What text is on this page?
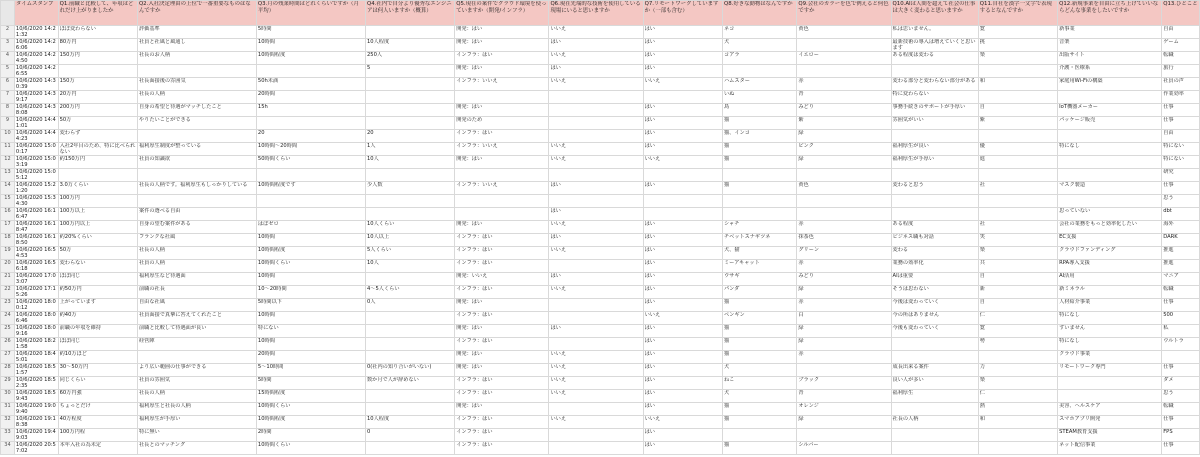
	タイムスタンプ	Q1.前職と比較して、年収はどれだけ上がりましたか	Q2.入社決定理由の上位で一番重要なものはなんですか	Q3.月の残業時間はどれくらいですか（月平均）	Q4.社内で自分より優秀なエンジニアは何人いますか（概算）	Q5.現在の案件でクラウド環境を使っていますか（開発/インフラ）	Q6.現在先端的な技術を使用している現場にいると思いますか	Q7.リモートワークしていますか（一部も含む）	Q8.好きな動物はなんですか	Q9.会社のカラーを色で例えると何色ですか	Q10.AIは人間を超えて社会の仕事は大きく変わると思いますか	Q11.自社を漢字一文字で表現するとなんですか	Q12.新規事業を自由に立ち上げていいならどんな事業をしたいですか	Q13.ひとこと
2	10/6/2020 14:21:32	ほぼ変わらない	評価基準	5時間		開発：はい	いいえ	はい	ネコ	黄色	私は思いません。	寛	新事業	自由
3	10/6/2020 14:26:06	80万円	社員と社風と風通し	10時間	10人程度	開発：はい	はい	はい	犬		最新技術の導入は増えていくと思います	挑	音楽	ゲーム
4	10/6/2020 14:24:50	150万円	社長のお人柄	10時間程度	250人	インフラ：はい	いいえ	はい	コアラ	イエロー	ある程度は変わる	楽	出版サイト	転職
5	10/6/2020 14:26:55				5	開発：はい	はい	はい					介護・医療系	旅行
6	10/6/2020 14:30:39	150万	社長面接後の雰囲気	50h未満		インフラ：いいえ	いいえ	いいえ	ハムスター	赤	変わる部分と変わらない部分がある	和	家庭用Wi-Fiの構築	社員の声
7	10/6/2020 14:39:17	20万円	社長の人柄	20時間					いぬ	青	特に変わらない			作業効率
8	10/6/2020 14:38:08	200万円	自身の希望と待遇がマッチしたこと	15h		開発：はい		はい	鳥	みどり	事務手続きのサポートが手厚い	自	IoT機器メーカー	仕事
9	10/6/2020 14:41:01	50万	やりたいことができる			開発のため		はい	猫	紫	雰囲気がいい	紫	パッケージ販売	仕事
10	10/6/2020 14:44:23	変わらず		20	20	インフラ：はい		はい	猫、インコ	緑				自由
11	10/6/2020 15:00:17	入社2年目のため、特に比べられない	福利厚生制度が整っている	10時間〜20時間	1人	インフラ：いいえ	いいえ	はい	猫	ピンク	福利厚生が良い	優	特になし	特にない
12	10/6/2020 15:03:19	約150万円	社員の知識欲	50時間くらい	10人	開発：はい	いいえ	いいえ	猫	緑	福利厚生が手厚い	進		特にない
13	10/6/2020 15:05:12													研究
14	10/6/2020 15:21:20	3.0万くらい	社長の人柄です。福利厚生もしっかりしている	10時間程度です	少人数	インフラ：いいえ	はい	はい	猫	黄色	変わると思う	社	マスク製造	仕事
15	10/6/2020 15:34:30	100万円												思う
16	10/6/2020 16:16:47	100万以上	案件の選べる自由				はい						思っていない	dbt
17	10/6/2020 16:18:47	100万円以上	自身の望む案件がある	はぼゼロ	10人くらい	開発：はい	いいえ	はい	シャチ	赤	ある程度	社	会社の業務をもっと効率化したい	海外
18	10/6/2020 16:18:50	約20%くらい	フランクな社風	10時間	10人以上	インフラ：はい	はい	はい	チベットスナギツネ	抹茶色	ビジネス職も対話	笑	EC支援	DARK
19	10/6/2020 16:54:53	50万	社長の人柄	10時間程度	5人くらい	インフラ：はい	いいえ	はい	犬、猫	グリーン	変わる	楽	クラウドファンディング	推進
20	10/6/2020 16:56:18	変わらない	社員の人柄	10時間くらい	10人	インフラ：はい		はい	ミーアキャット	赤	業務の効率化	共	RPA導入支援	推進
21	10/6/2020 17:03:07	ほぼ同じ	福利厚生など待遇面	10時間		開発：いいえ	はい	はい	ウサギ	みどり	AIは重要	自	AI活用	マニア
22	10/6/2020 17:15:26	約50万円	前職の社長	10〜20時間	4〜5人くらい	インフラ：はい	いいえ	はい	パンダ	緑	そうは思わない	新	新ミネラル	転職
23	10/6/2020 18:00:12	上がっています	自由な社風	5時間以下	0人	開発：はい		はい	猫	赤	今後は変わっていく	自	人材紹介事業	仕事
24	10/6/2020 18:06:46	約40万	社員面接で真摯に答えてくれたこと	10時間		インフラ：はい		いいえ	ペンギン	白	今の所はありません	仁	特になし	500
25	10/6/2020 18:09:16	前職の年収を維持	前職と比較して待遇面が良い	特にない		開発：はい	はい	はい	猫	緑	今後も変わっていく	寛	すいません	私
26	10/6/2020 18:21:58	ほぼ同じ	経営陣	10時間		インフラ：はい		はい	猫	緑		勢	特になし	ウルトラ
27	10/6/2020 18:45:01	約10万ほど		20時間		開発：はい	いいえ	はい	猫	赤			クラウド事業	
28	10/6/2020 18:51:57	30〜50万円	より広い範囲の仕事ができる	5〜10時間	0(社内の知り合いがいない)	開発：はい	いいえ	はい	犬		成長出来る案件	力	リモートワーク専門	仕事
29	10/6/2020 18:52:35	同じくらい	社員の雰囲気	5時間	数か月で人が辞めない	インフラ：はい	いいえ	はい	ねこ	ブラック	良い人が多い	楽		ダメ
30	10/6/2020 18:59:43	60万円強	社長の人柄	15時間程度		インフラ：はい	いいえ	はい	犬	青	福利厚生	仁		思う
31	10/6/2020 19:09:40	ちょっとだけ	福利厚生と社長の人柄	10時間くらい		開発：はい		はい	猫	オレンジ		熱	美容、ヘルスケア	転職
32	10/6/2020 19:18:38	40万程度	福利厚生が手厚い	10時間程度	10人程度	インフラ：はい	いいえ	いいえ	猫	緑	社長の人柄	和	スマホアプリ開発	仕事
33	10/6/2020 19:49:03	100万円程	特に無い	2時間	0	インフラ：はい		はい					STEAM教育支援	FPS
34	10/6/2020 20:57:02	本年入社の為未定	社長とのマッチング	10時間くらい		インフラ：はい		はい	猫	シルバー			ネット配信事業	仕事
